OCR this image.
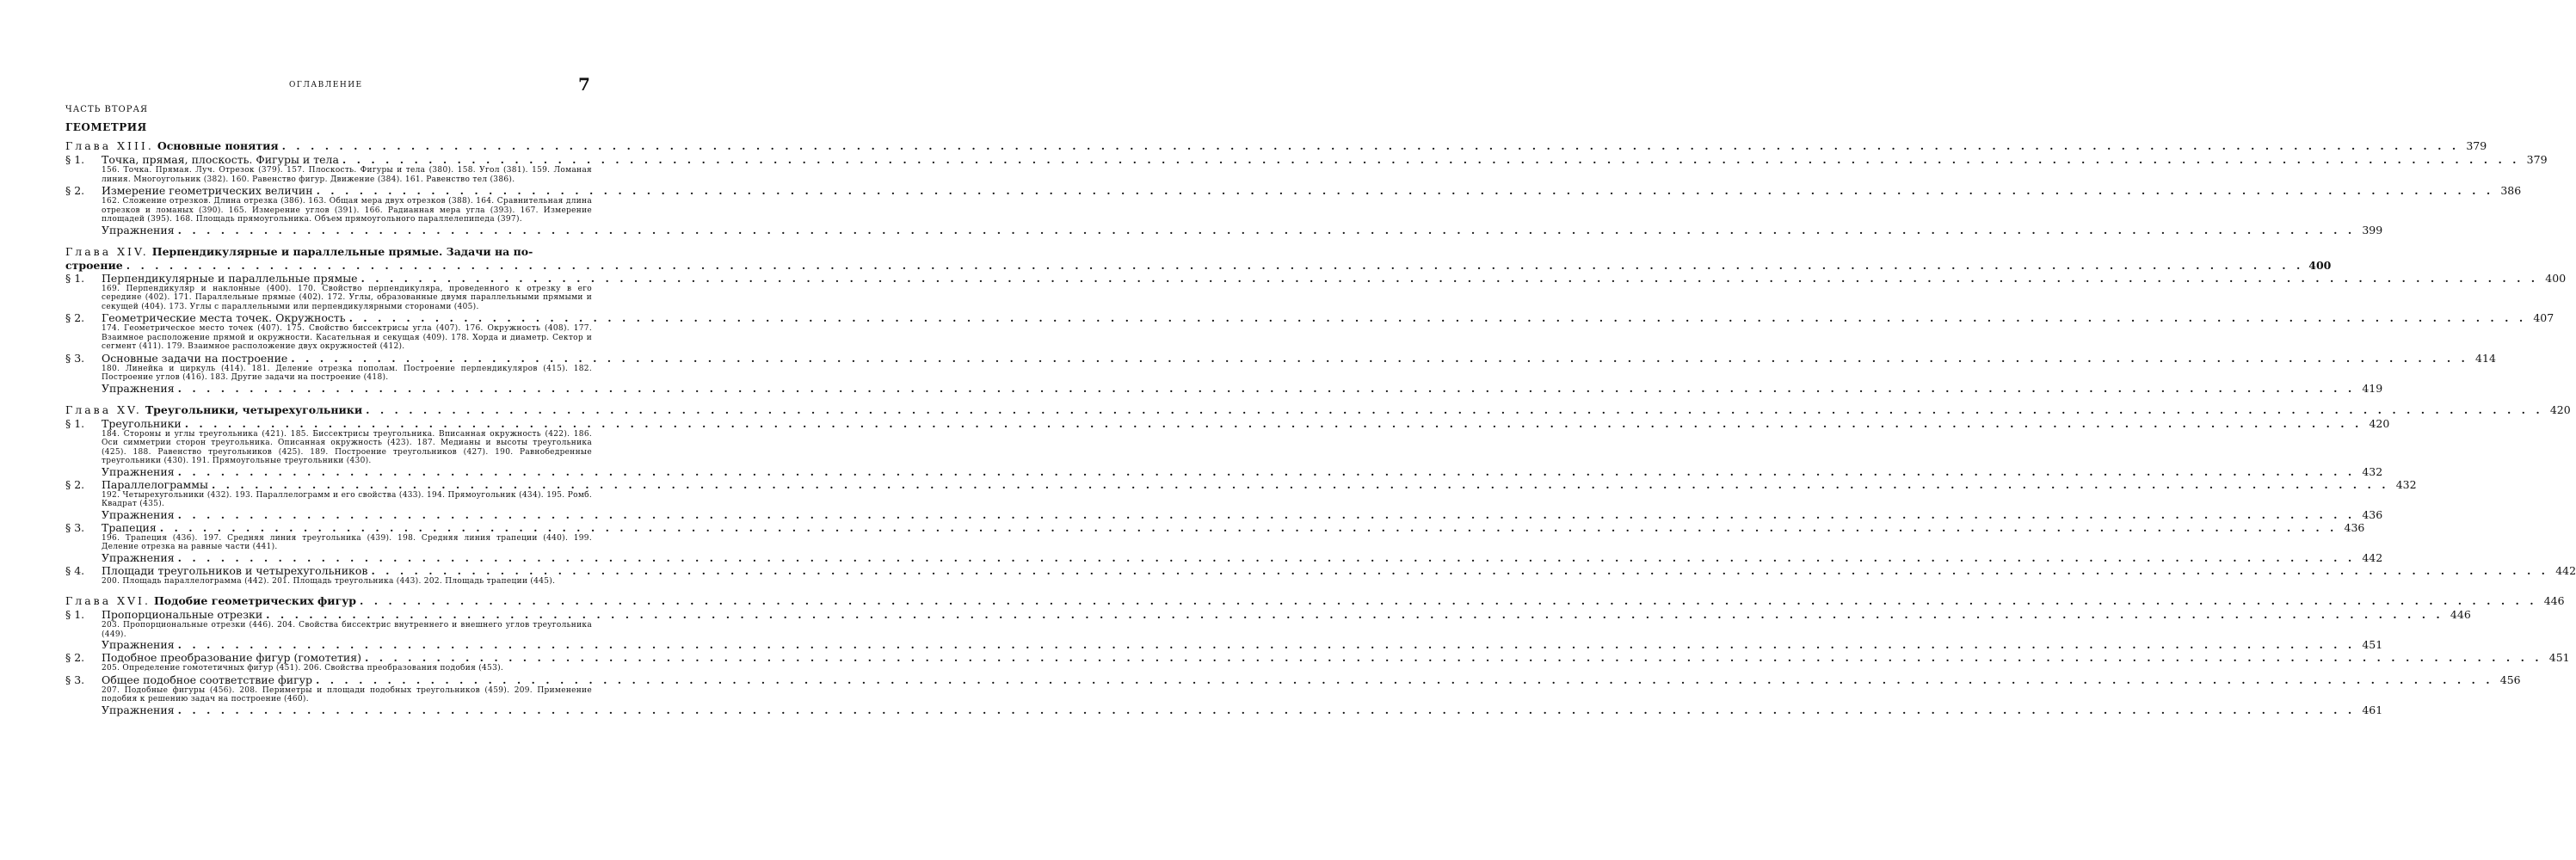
ОГЛАВЛЕНИЕ	7
ЧАСТЬ ВТОРАЯ
ГЕОМЕТРИЯ
Глава XIII. Основные понятия . . .	379
§ 1. Точка, прямая, плоскость. Фигуры и тела . . .	379
156. Точка. Прямая. Луч. Отрезок (379). 157. Плоскость. Фигуры и тела (380). 158. Угол (381). 159. Ломаная линия. Многоугольник (382). 160. Равенство фигур. Движение (384). 161. Равенство тел (386).
§ 2. Измерение геометрических величин . . .	386
162. Сложение отрезков. Длина отрезка (386). 163. Общая мера двух отрезков (388). 164. Сравнительная длина отрезков и ломаных (390). 165. Измерение углов (391). 166. Радианная мера угла (393). 167. Измерение площадей (395). 168. Площадь прямоугольника. Объем прямоугольного параллелепипеда (397).
Упражнения . . .	399
Глава XIV. Перпендикулярные и параллельные прямые. Задачи на по-
строение . . .	400
§ 1. Перпендикулярные и параллельные прямые . . .	400
169. Перпендикуляр и наклонные (400). 170. Свойство перпендикуляра, проведенного к отрезку в его середине (402). 171. Параллельные прямые (402). 172. Углы, образованные двумя параллельными прямыми и секущей (404). 173. Углы с параллельными или перпендикулярными сторонами (405).
§ 2. Геометрические места точек. Окружность . . .	407
174. Геометрическое место точек (407). 175. Свойство биссектрисы угла (407). 176. Окружность (408). 177. Взаимное расположение прямой и окружности. Касательная и секущая (409). 178. Хорда и диаметр. Сектор и сегмент (411). 179. Взаимное расположение двух окружностей (412).
§ 3. Основные задачи на построение . . .	414
180. Линейка и циркуль (414). 181. Деление отрезка пополам. Построение перпендикуляров (415). 182. Построение углов (416). 183. Другие задачи на построение (418).
Упражнения . . .	419
Глава XV. Треугольники, четырехугольники . . .	420
§ 1. Треугольники . . .	420
184. Стороны и углы треугольника (421). 185. Биссектрисы треугольника. Вписанная окружность (422). 186. Оси симметрии сторон треугольника. Описанная окружность (423). 187. Медианы и высоты треугольника (425). 188. Равенство треугольников (425). 189. Построение треугольников (427). 190. Равнобедренные треугольники (430). 191. Прямоугольные треугольники (430).
Упражнения . . .	432
§ 2. Параллелограммы . . .	432
192. Четырехугольники (432). 193. Параллелограмм и его свойства (433). 194. Прямоугольник (434). 195. Ромб. Квадрат (435).
Упражнения . . .	436
§ 3. Трапеция . . .	436
196. Трапеция (436). 197. Средняя линия треугольника (439). 198. Средняя линия трапеции (440). 199. Деление отрезка на равные части (441).
Упражнения . . .	442
§ 4. Площади треугольников и четырехугольников . . .	442
200. Площадь параллелограмма (442). 201. Площадь треугольника (443). 202. Площадь трапеции (445).
Глава XVI. Подобие геометрических фигур . . .	446
§ 1. Пропорциональные отрезки . . .	446
203. Пропорциональные отрезки (446). 204. Свойства биссектрис внутреннего и внешнего углов треугольника (449).
Упражнения . . .	451
§ 2. Подобное преобразование фигур (гомотетия) . . .	451
205. Определение гомотетичных фигур (451). 206. Свойства преобразования подобия (453).
§ 3. Общее подобное соответствие фигур . . .	456
207. Подобные фигуры (456). 208. Периметры и площади подобных треугольников (459). 209. Применение подобия к решению задач на построение (460).
Упражнения . . .	461
